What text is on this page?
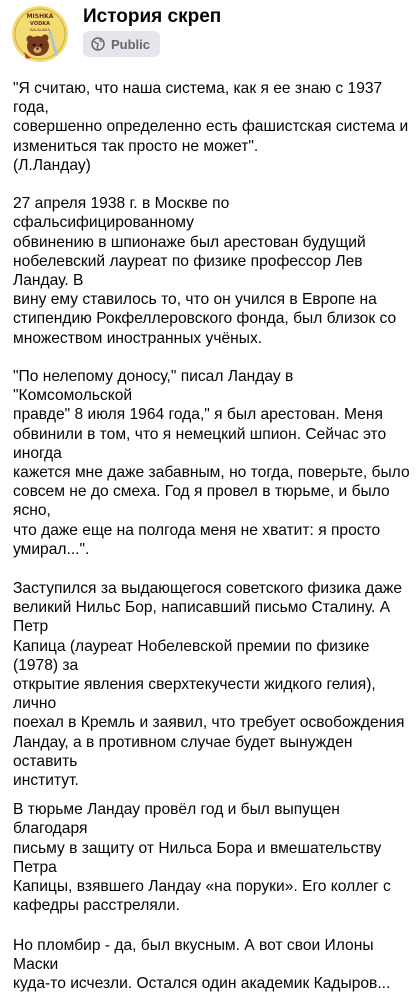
MISHKA
VODKA
BALALAIKA
История скреп
Public

"Я считаю, что наша система, как я ее знаю с 1937 года,
совершенно определенно есть фашистская система и
измениться так просто не может".
(Л.Ландау)

27 апреля 1938 г. в Москве по сфальсифицированному
обвинению в шпионаже был арестован будущий
нобелевский лауреат по физике профессор Лев Ландау. В
вину ему ставилось то, что он учился в Европе на
стипендию Рокфеллеровского фонда, был близок со
множеством иностранных учёных.

"По нелепому доносу," писал Ландау в "Комсомольской
правде" 8 июля 1964 года," я был арестован. Меня
обвинили в том, что я немецкий шпион. Сейчас это иногда
кажется мне даже забавным, но тогда, поверьте, было
совсем не до смеха. Год я провел в тюрьме, и было ясно,
что даже еще на полгода меня не хватит: я просто
умирал...".

Заступился за выдающегося советского физика даже
великий Нильс Бор, написавший письмо Сталину. А Петр
Капица (лауреат Нобелевской премии по физике (1978) за
открытие явления сверхтекучести жидкого гелия), лично
поехал в Кремль и заявил, что требует освобождения
Ландау, а в противном случае будет вынужден оставить
институт.

В тюрьме Ландау провёл год и был выпущен благодаря
письму в защиту от Нильса Бора и вмешательству Петра
Капицы, взявшего Ландау «на поруки». Его коллег с
кафедры расстреляли.

Но пломбир - да, был вкусным. А вот свои Илоны Маски
куда-то исчезли. Остался один академик Кадыров...
